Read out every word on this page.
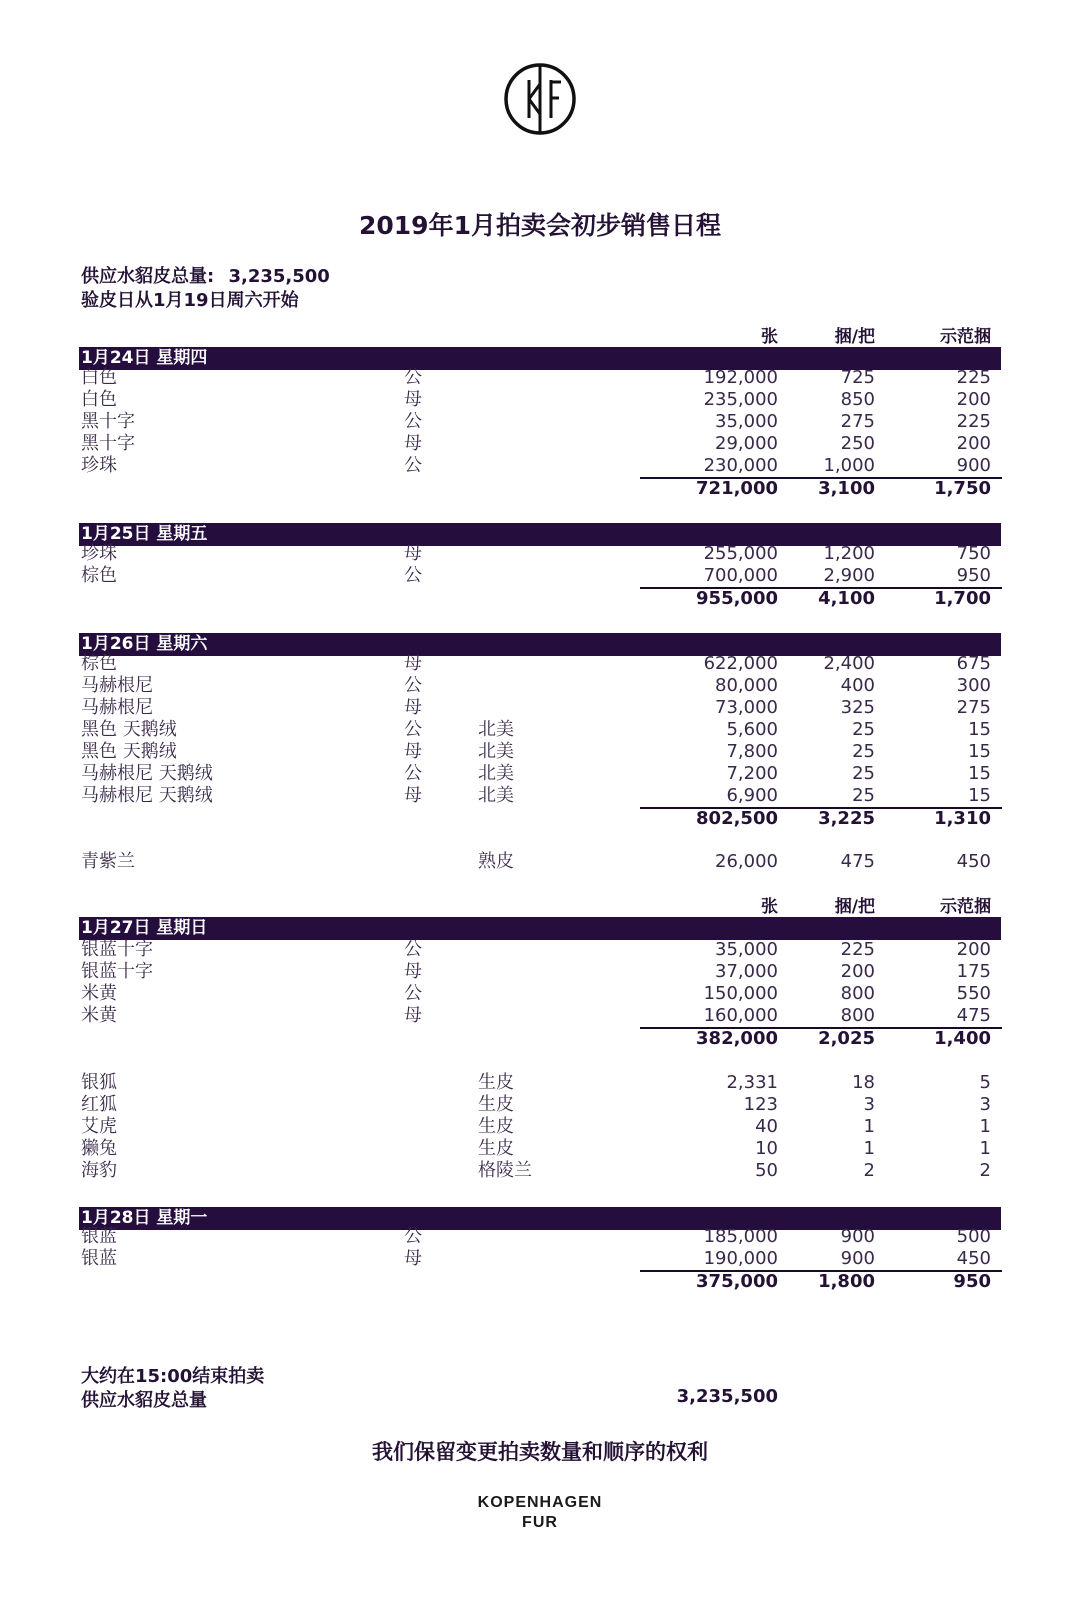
2019年1月拍卖会初步销售日程
供应水貂皮总量: 3,235,500
验皮日从1月19日周六开始
张	捆/把	示范捆
1月24日 星期四
白色	公	192,000	725	225
白色	母	235,000	850	200
黑十字	公	35,000	275	225
黑十字	母	29,000	250	200
珍珠	公	230,000	1,000	900
721,000 3,100	1,750
1月25日 星期五
珍珠	母	255,000	1,200	750
棕色	公	700,000	2,900	950
955,000 4,100	1,700
1月26日 星期六
棕色	母	622,000	2,400	675
马赫根尼	公	80,000	400	300
马赫根尼	母	73,000	325	275
黑色 天鹅绒	公	北美	5,600	25	15
黑色 天鹅绒	母	北美	7,800	25	15
马赫根尼 天鹅绒	公	北美	7,200	25	15
马赫根尼 天鹅绒	母	北美	6,900	25	15
802,500 3,225	1,310
青紫兰	熟皮	26,000	475	450
张	捆/把	示范捆
1月27日 星期日
银蓝十字	公	35,000	225	200
银蓝十字	母	37,000	200	175
米黄	公	150,000	800	550
米黄	母	160,000	800	475
382,000 2,025	1,400
银狐	生皮	2,331	18	5
红狐	生皮	123	3	3
艾虎	生皮	40	1	1
獭兔	生皮	10	1	1
海豹	格陵兰	50	2	2
1月28日 星期一
银蓝	公	185,000	900	500
银蓝	母	190,000	900	450
375,000 1,800	950
大约在15:00结束拍卖
供应水貂皮总量	3,235,500
我们保留变更拍卖数量和顺序的权利
KOPENHAGEN
FUR
